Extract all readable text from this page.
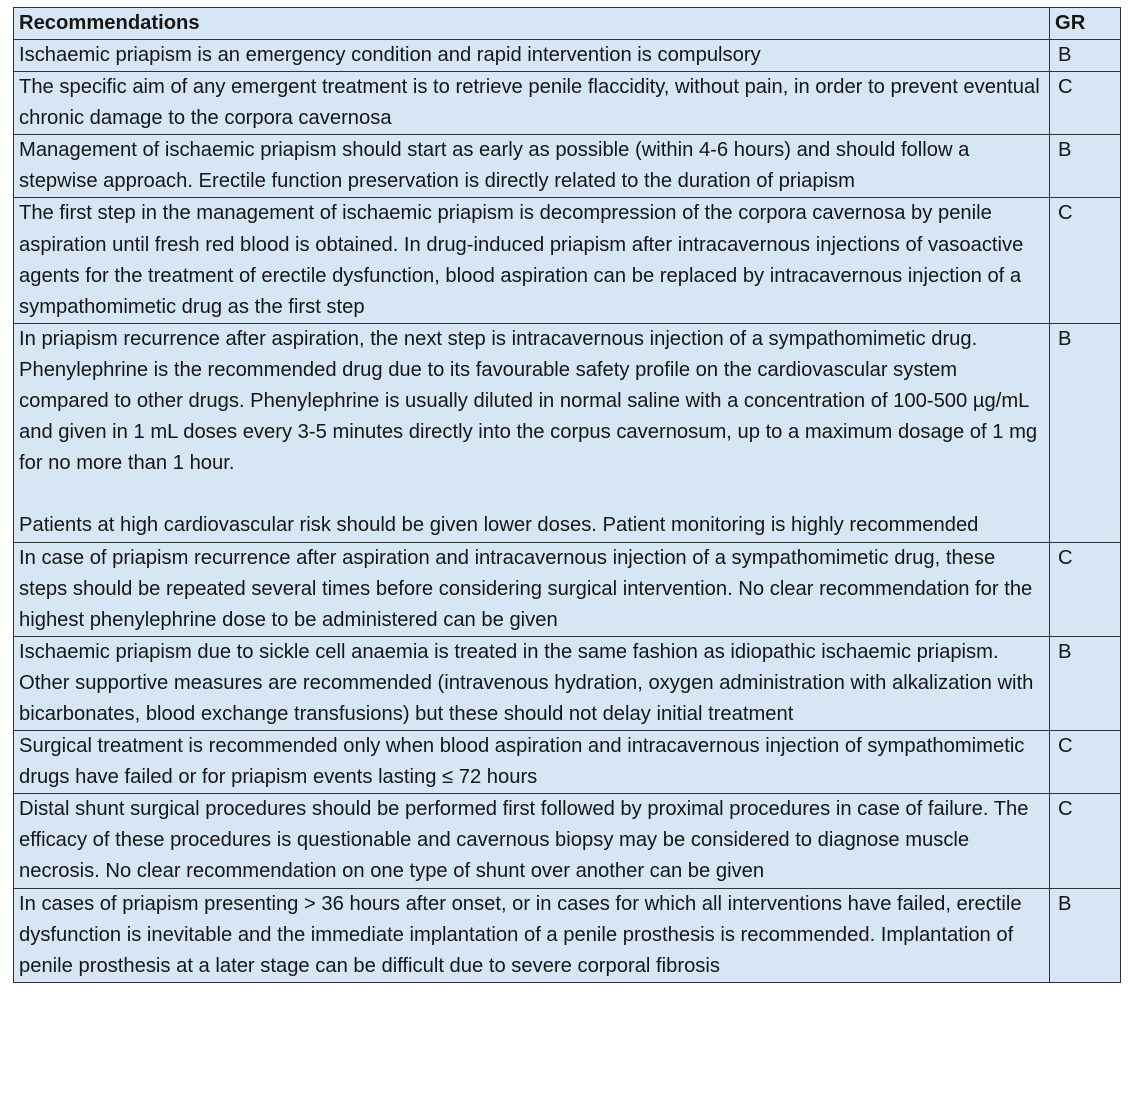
Recommendations	GR
Ischaemic priapism is an emergency condition and rapid intervention is compulsory	B
The specific aim of any emergent treatment is to retrieve penile flaccidity, without pain, in order to prevent eventual chronic damage to the corpora cavernosa	C
Management of ischaemic priapism should start as early as possible (within 4-6 hours) and should follow a stepwise approach. Erectile function preservation is directly related to the duration of priapism	B
The first step in the management of ischaemic priapism is decompression of the corpora cavernosa by penile aspiration until fresh red blood is obtained. In drug-induced priapism after intracavernous injections of vasoactive agents for the treatment of erectile dysfunction, blood aspiration can be replaced by intracavernous injection of a sympathomimetic drug as the first step	C
In priapism recurrence after aspiration, the next step is intracavernous injection of a sympathomimetic drug. Phenylephrine is the recommended drug due to its favourable safety profile on the cardiovascular system compared to other drugs. Phenylephrine is usually diluted in normal saline with a concentration of 100-500 µg/mL and given in 1 mL doses every 3-5 minutes directly into the corpus cavernosum, up to a maximum dosage of 1 mg for no more than 1 hour.

Patients at high cardiovascular risk should be given lower doses. Patient monitoring is highly recommended	B
In case of priapism recurrence after aspiration and intracavernous injection of a sympathomimetic drug, these steps should be repeated several times before considering surgical intervention. No clear recommendation for the highest phenylephrine dose to be administered can be given	C
Ischaemic priapism due to sickle cell anaemia is treated in the same fashion as idiopathic ischaemic priapism. Other supportive measures are recommended (intravenous hydration, oxygen administration with alkalization with bicarbonates, blood exchange transfusions) but these should not delay initial treatment	B
Surgical treatment is recommended only when blood aspiration and intracavernous injection of sympathomimetic drugs have failed or for priapism events lasting ≤ 72 hours	C
Distal shunt surgical procedures should be performed first followed by proximal procedures in case of failure. The efficacy of these procedures is questionable and cavernous biopsy may be considered to diagnose muscle necrosis. No clear recommendation on one type of shunt over another can be given	C
In cases of priapism presenting > 36 hours after onset, or in cases for which all interventions have failed, erectile dysfunction is inevitable and the immediate implantation of a penile prosthesis is recommended. Implantation of penile prosthesis at a later stage can be difficult due to severe corporal fibrosis	B
